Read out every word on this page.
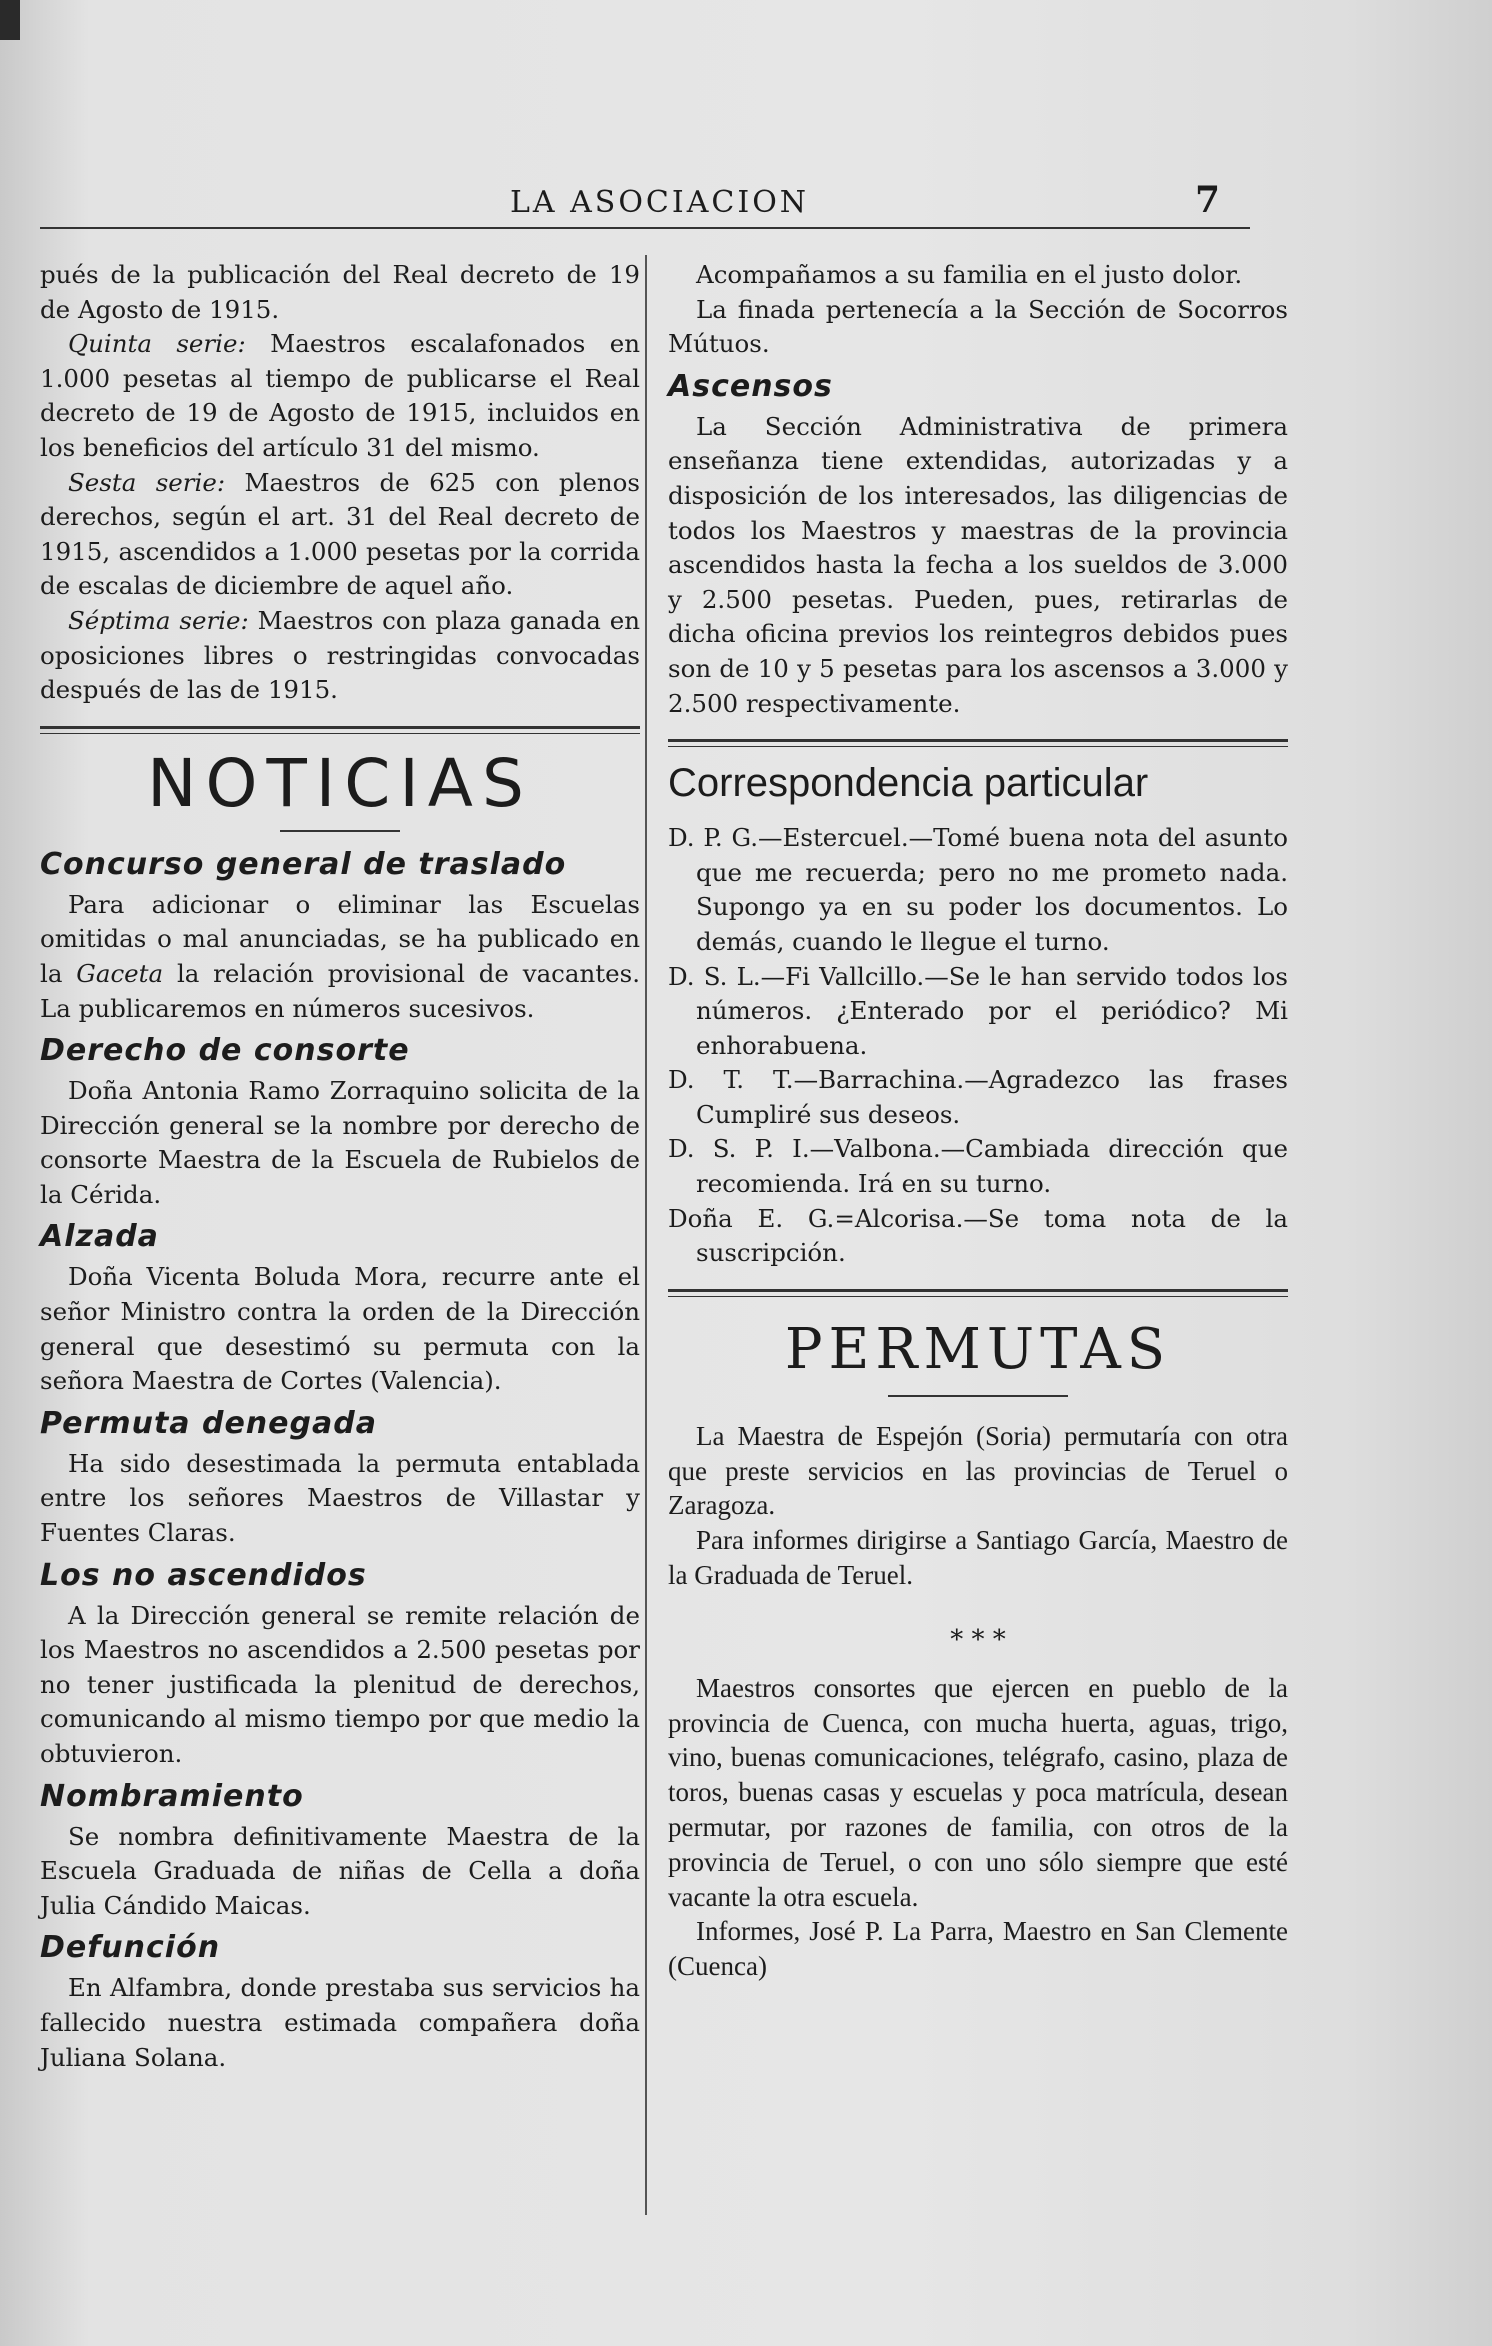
LA ASOCIACION	7

pués de la publicación del Real decreto de 19 de Agosto de 1915.

Quinta serie: Maestros escalafonados en 1.000 pesetas al tiempo de publicarse el Real decreto de 19 de Agosto de 1915, incluidos en los beneficios del artículo 31 del mismo.

Sesta serie: Maestros de 625 con plenos derechos, según el art. 31 del Real decreto de 1915, ascendidos a 1.000 pesetas por la corrida de escalas de diciembre de aquel año.

Séptima serie: Maestros con plaza ganada en oposiciones libres o restringidas convocadas después de las de 1915.

NOTICIAS
Concurso general de traslado

Para adicionar o eliminar las Escuelas omitidas o mal anunciadas, se ha publicado en la Gaceta la relación provisional de vacantes. La publicaremos en números sucesivos.

Derecho de consorte

Doña Antonia Ramo Zorraquino solicita de la Dirección general se la nombre por derecho de consorte Maestra de la Escuela de Rubielos de la Cérida.

Alzada

Doña Vicenta Boluda Mora, recurre ante el señor Ministro contra la orden de la Dirección general que desestimó su permuta con la señora Maestra de Cortes (Valencia).

Permuta denegada

Ha sido desestimada la permuta entablada entre los señores Maestros de Villastar y Fuentes Claras.

Los no ascendidos

A la Dirección general se remite relación de los Maestros no ascendidos a 2.500 pesetas por no tener justificada la plenitud de derechos, comunicando al mismo tiempo por que medio la obtuvieron.

Nombramiento

Se nombra definitivamente Maestra de la Escuela Graduada de niñas de Cella a doña Julia Cándido Maicas.

Defunción

En Alfambra, donde prestaba sus servicios ha fallecido nuestra estimada compañera doña Juliana Solana.

Acompañamos a su familia en el justo dolor.

La finada pertenecía a la Sección de Socorros Mútuos.

Ascensos

La Sección Administrativa de primera enseñanza tiene extendidas, autorizadas y a disposición de los interesados, las diligencias de todos los Maestros y maestras de la provincia ascendidos hasta la fecha a los sueldos de 3.000 y 2.500 pesetas. Pueden, pues, retirarlas de dicha oficina previos los reintegros debidos pues son de 10 y 5 pesetas para los ascensos a 3.000 y 2.500 respectivamente.

Correspondencia particular

D. P. G.—Estercuel.—Tomé buena nota del asunto que me recuerda; pero no me prometo nada. Supongo ya en su poder los documentos. Lo demás, cuando le llegue el turno.

D. S. L.—Fi Vallcillo.—Se le han servido todos los números. ¿Enterado por el periódico? Mi enhorabuena.

D. T. T.—Barrachina.—Agradezco las frases Cumpliré sus deseos.

D. S. P. I.—Valbona.—Cambiada dirección que recomienda. Irá en su turno.

Doña E. G.=Alcorisa.—Se toma nota de la suscripción.

PERMUTAS

La Maestra de Espejón (Soria) permutaría con otra que preste servicios en las provincias de Teruel o Zaragoza.

Para informes dirigirse a Santiago García, Maestro de la Graduada de Teruel.

* * *

Maestros consortes que ejercen en pueblo de la provincia de Cuenca, con mucha huerta, aguas, trigo, vino, buenas comunicaciones, telégrafo, casino, plaza de toros, buenas casas y escuelas y poca matrícula, desean permutar, por razones de familia, con otros de la provincia de Teruel, o con uno sólo siempre que esté vacante la otra escuela.

Informes, José P. La Parra, Maestro en San Clemente (Cuenca)
